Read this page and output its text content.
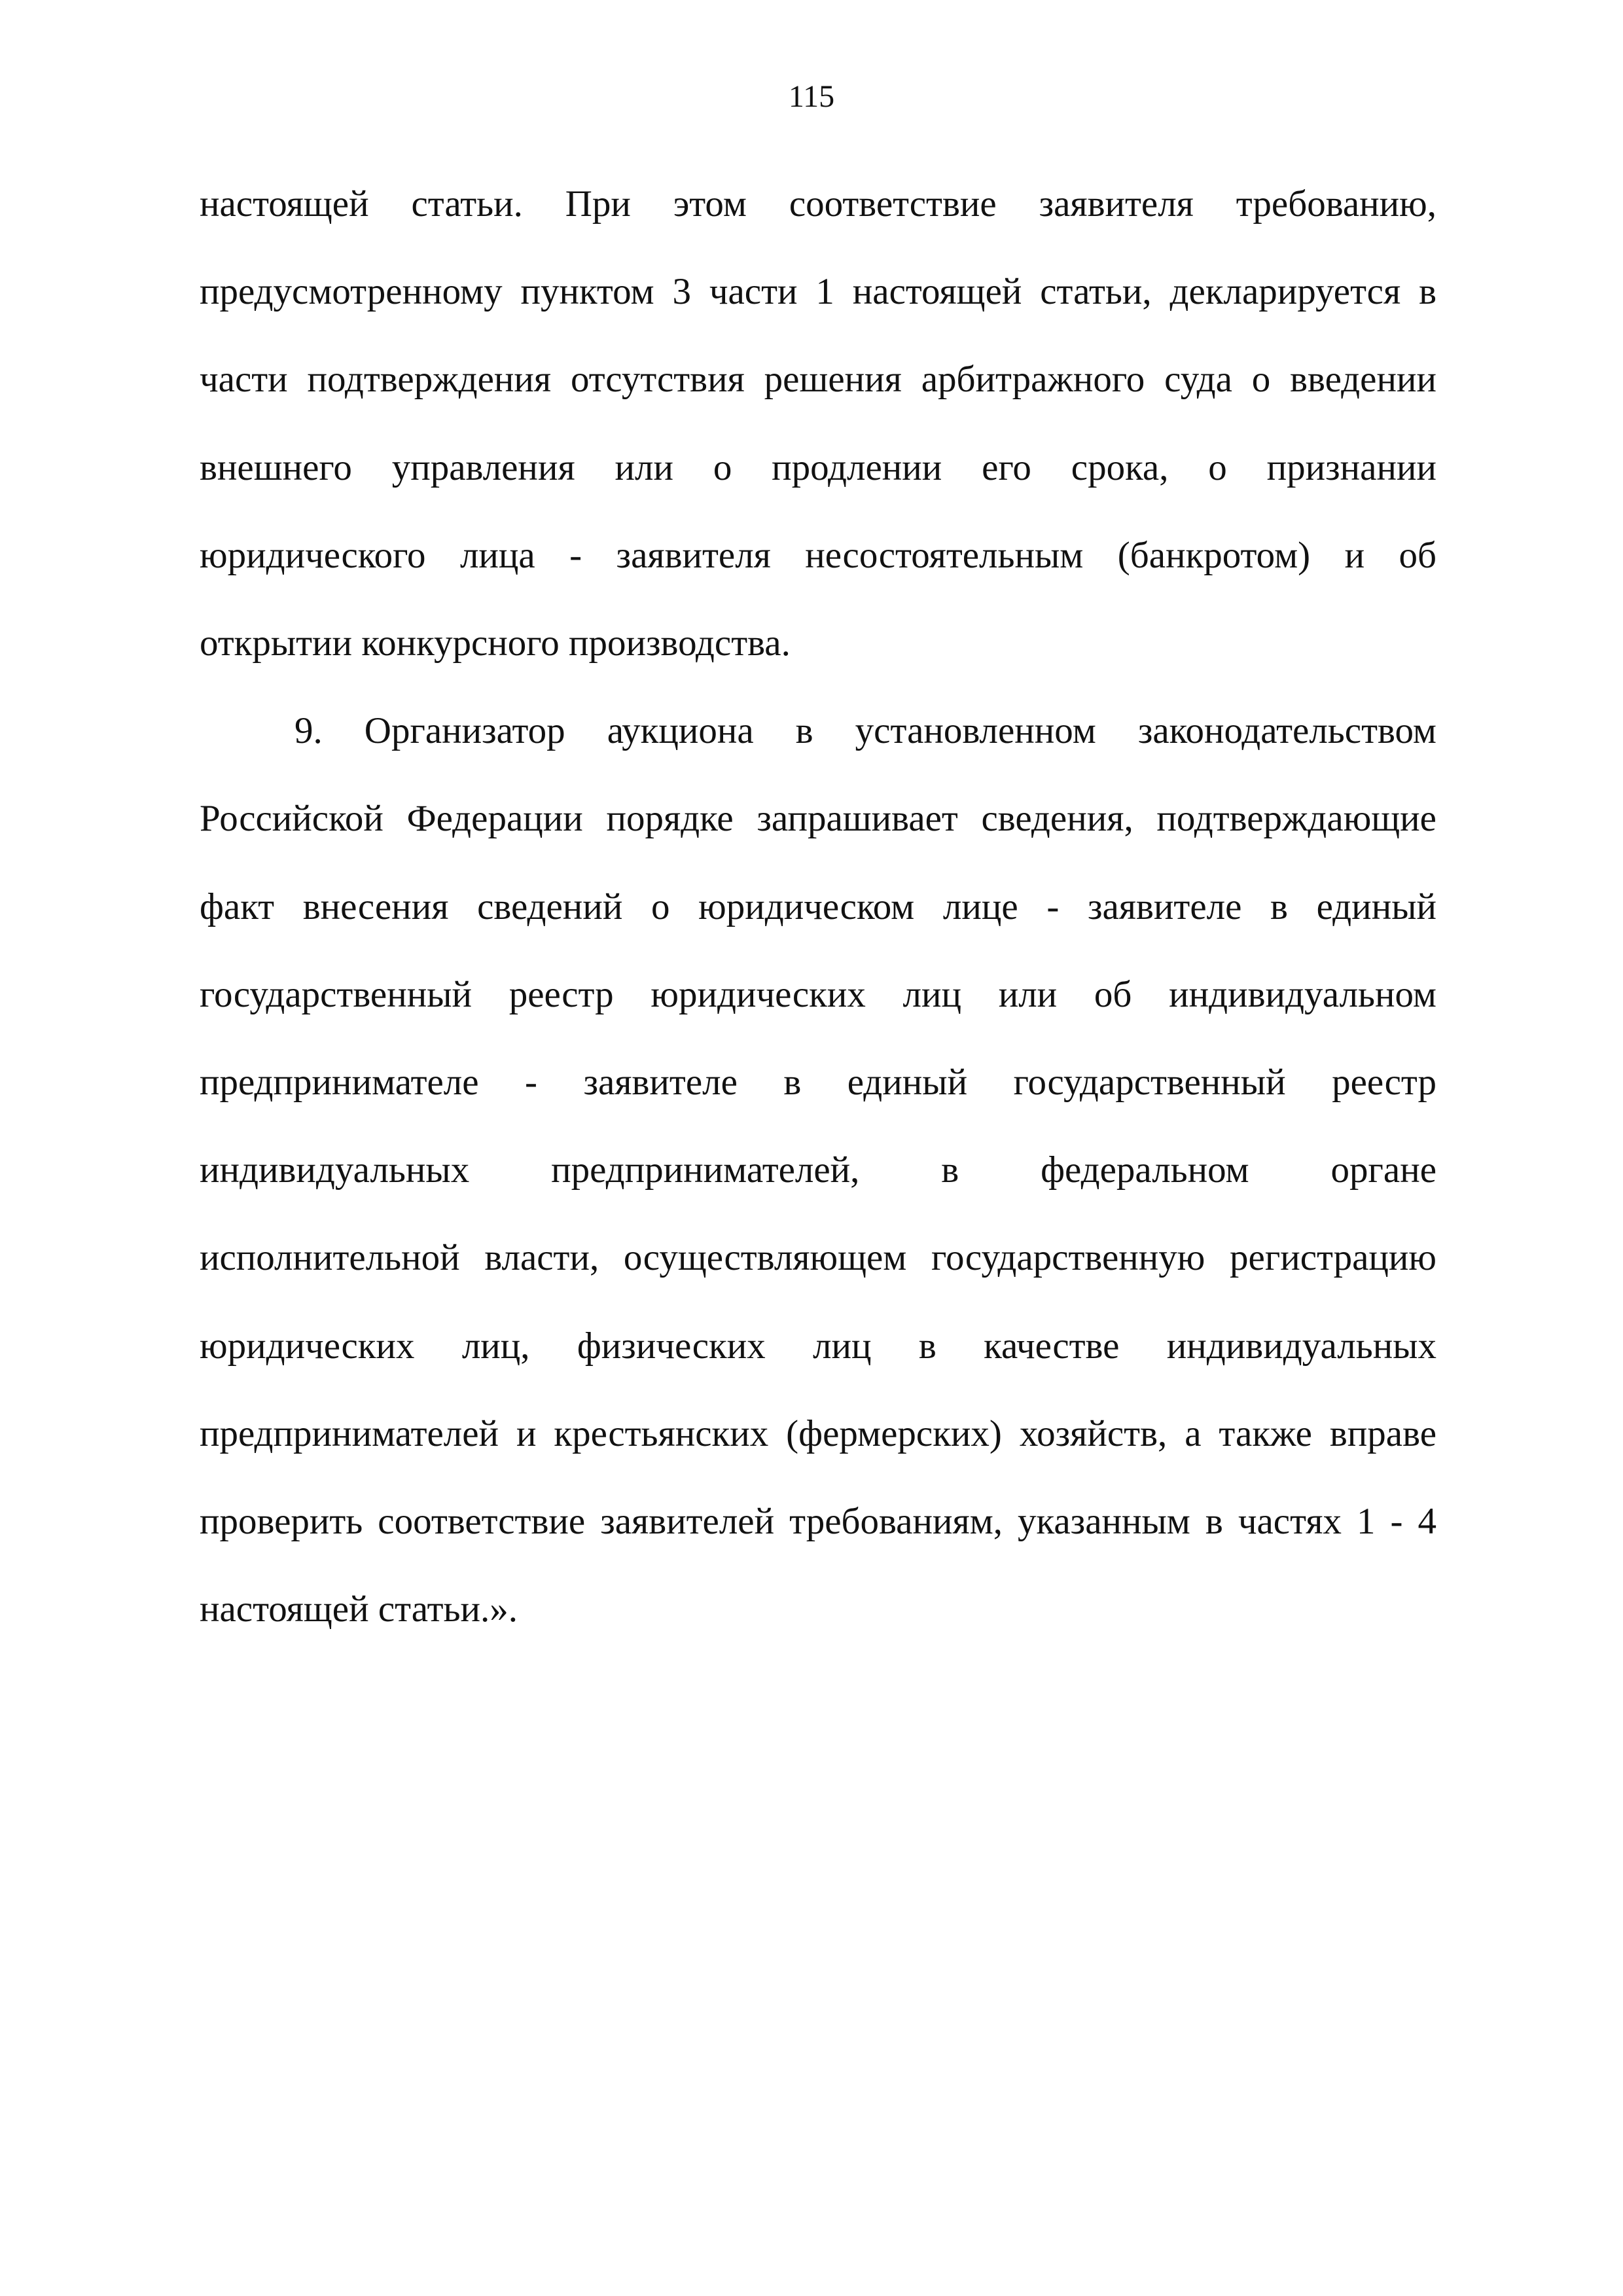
115
настоящей статьи. При этом соответствие заявителя требованию,
предусмотренному пунктом 3 части 1 настоящей статьи, декларируется в
части подтверждения отсутствия решения арбитражного суда о введении
внешнего управления или о продлении его срока, о признании
юридического лица - заявителя несостоятельным (банкротом) и об
открытии конкурсного производства.
9. Организатор аукциона в установленном законодательством
Российской Федерации порядке запрашивает сведения, подтверждающие
факт внесения сведений о юридическом лице - заявителе в единый
государственный реестр юридических лиц или об индивидуальном
предпринимателе - заявителе в единый государственный реестр
индивидуальных предпринимателей, в федеральном органе
исполнительной власти, осуществляющем государственную регистрацию
юридических лиц, физических лиц в качестве индивидуальных
предпринимателей и крестьянских (фермерских) хозяйств, а также вправе
проверить соответствие заявителей требованиям, указанным в частях 1 - 4
настоящей статьи.».
